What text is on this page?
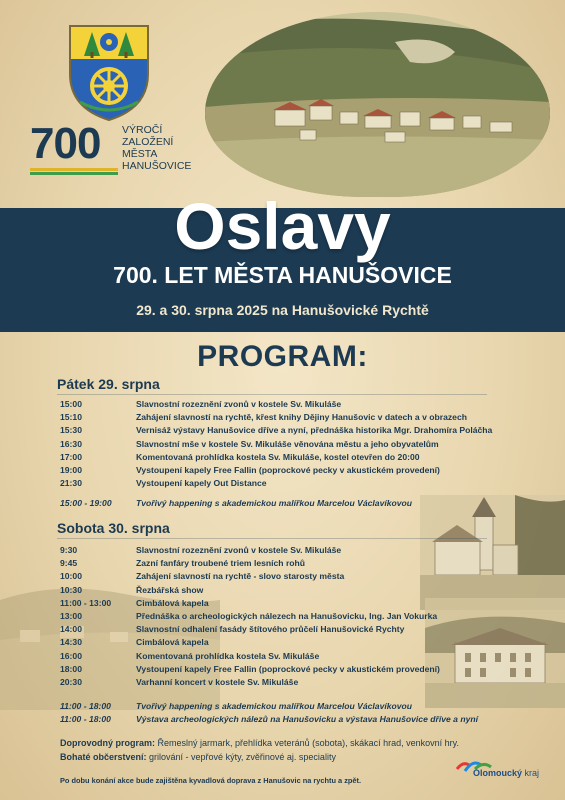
700 VÝROČÍ
ZALOŽENÍ
MĚSTA
HANUŠOVICE
Oslavy
700. LET MĚSTA HANUŠOVICE
29. a 30. srpna 2025 na Hanušovické Rychtě
PROGRAM:
Pátek 29. srpna
15:00	Slavnostní rozeznění zvonů v kostele Sv. Mikuláše
15:10	Zahájení slavností na rychtě, křest knihy Dějiny Hanušovic v datech a v obrazech
15:30	Vernisáž výstavy Hanušovice dříve a nyní, přednáška historika Mgr. Drahomíra Poláčha
16:30	Slavnostní mše v kostele Sv. Mikuláše věnována městu a jeho obyvatelům
17:00	Komentovaná prohlídka kostela Sv. Mikuláše, kostel otevřen do 20:00
19:00	Vystoupení kapely Free Fallin (poprockové pecky v akustickém provedení)
21:30	Vystoupení kapely Out Distance
15:00 - 19:00	Tvořivý happening s akademickou malířkou Marcelou Václavíkovou
Sobota 30. srpna
9:30	Slavnostní rozeznění zvonů v kostele Sv. Mikuláše
9:45	Zazní fanfáry troubené triem lesních rohů
10:00	Zahájení slavností na rychtě - slovo starosty města
10:30	Řezbářská show
11:00 - 13:00	Cimbálová kapela
13:00	Přednáška o archeologických nálezech na Hanušovicku, Ing. Jan Vokurka
14:00	Slavnostní odhalení fasády štítového průčelí Hanušovické Rychty
14:30	Cimbálová kapela
16:00	Komentovaná prohlídka kostela Sv. Mikuláše
18:00	Vystoupení kapely Free Fallin (poprockové pecky v akustickém provedení)
20:30	Varhanní koncert v kostele Sv. Mikuláše
11:00 - 18:00	Tvořivý happening s akademickou malířkou Marcelou Václavíkovou
11:00 - 18:00	Výstava archeologických nálezů na Hanušovicku a výstava Hanušovice dříve a nyní
Doprovodný program: Řemeslný jarmark, přehlídka veteránů (sobota), skákací hrad, venkovní hry.
Bohaté občerstvení: grilování - vepřové kýty, zvěřinové aj. speciality
Po dobu konání akce bude zajištěna kyvadlová doprava z Hanušovic na rychtu a zpět.
Olomoucký kraj
